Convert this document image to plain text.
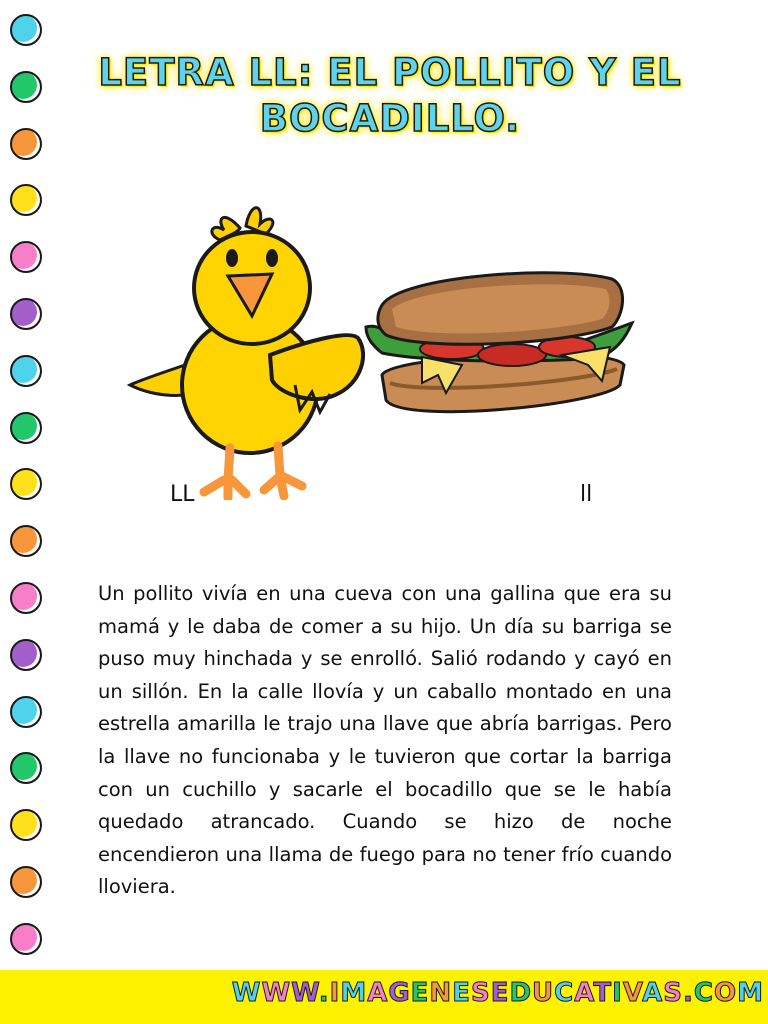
LETRA LL: EL POLLITO Y EL BOCADILLO.
LL	ll

Un pollito vivía en una cueva con una gallina que era su mamá y le daba de comer a su hijo. Un día su barriga se puso muy hinchada y se enrolló. Salió rodando y cayó en un sillón. En la calle llovía y un caballo montado en una estrella amarilla le trajo una llave que abría barrigas. Pero la llave no funcionaba y le tuvieron que cortar la barriga con un cuchillo y sacarle el bocadillo que se le había quedado atrancado. Cuando se hizo de noche encendieron una llama de fuego para no tener frío cuando lloviera.

WWW.IMAGENESEDUCATIVAS.COM
